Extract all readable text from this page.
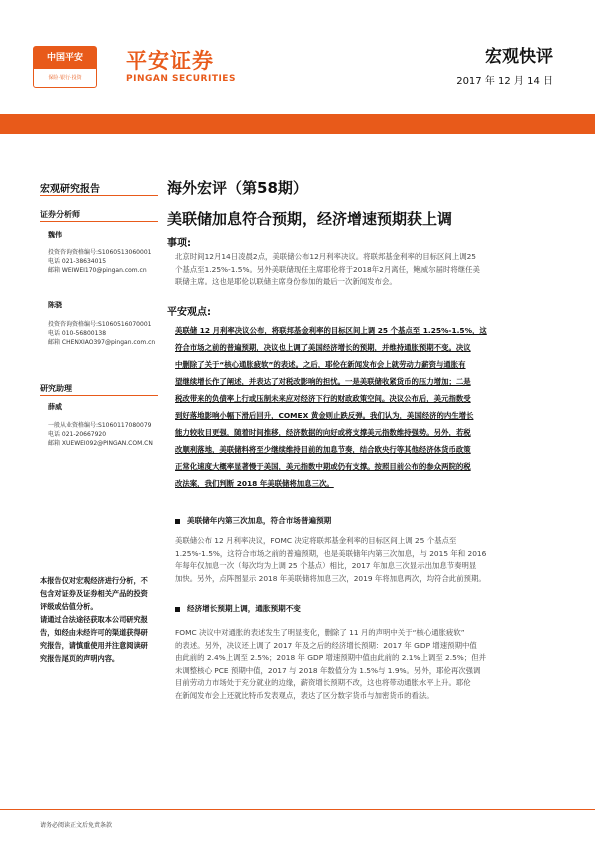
中国平安
保险·银行·投资
平安证券
PINGAN SECURITIES
宏观快评
2017 年 12 月 14 日
宏观研究报告
证券分析师
魏伟
投资咨询资格编号:S1060513060001
电话 021-38634015
邮箱 WEIWEI170@pingan.com.cn
陈骁
投资咨询资格编号:S1060516070001
电话 010-56800138
邮箱 CHENXIAO397@pingan.com.cn
研究助理
薛威
一般从业资格编号:S1060117080079
电话 021-20667920
邮箱 XUEWEI092@PINGAN.COM.CN
本报告仅对宏观经济进行分析，不
包含对证券及证券相关产品的投资
评级或估值分析。
请通过合法途径获取本公司研究报
告，如经由未经许可的渠道获得研
究报告，请慎重使用并注意阅读研
究报告尾页的声明内容。
海外宏评（第58期）
美联储加息符合预期，经济增速预期获上调
事项:
北京时间12月14日凌晨2点，美联储公布12月利率决议。将联邦基金利率的目标区间上调25
个基点至1.25%-1.5%。另外美联储现任主席耶伦将于2018年2月离任，鲍威尔届时将继任美
联储主席。这也是耶伦以联储主席身份参加的最后一次新闻发布会。
平安观点:
美联储 12 月利率决议公布，将联邦基金利率的目标区间上调 25 个基点至 1.25%-1.5%，这
符合市场之前的普遍预期，决议也上调了美国经济增长的预期，并维持通胀预期不变。决议
中删除了关于“核心通胀疲软”的表述。之后，耶伦在新闻发布会上就劳动力薪资与通胀有
望继续增长作了阐述，并表达了对税改影响的担忧。一是美联储收紧货币的压力增加；二是
税改带来的负债率上行或压制未来应对经济下行的财政政策空间。决议公布后，美元指数受
到好落地影响小幅下滑后回升，COMEX 黄金则止跌反弹。我们认为，美国经济的内生增长
能力较收目更强，随着时间推移，经济数据的向好或将支撑美元指数维持强势。另外，若税
改顺利落地，美联储料将至少继续维持目前的加息节奏，结合欧央行等其他经济体货币政策
正常化速度大概率显著慢于美国，美元指数中期或仍有支撑。按照目前公布的参众两院的税
改法案，我们判断 2018 年美联储将加息三次。
美联储年内第三次加息，符合市场普遍预期
美联储公布 12 月利率决议，FOMC 决定将联邦基金利率的目标区间上调 25 个基点至
1.25%-1.5%，这符合市场之前的普遍预期，也是美联储年内第三次加息，与 2015 年和 2016
年每年仅加息一次（每次均为上调 25 个基点）相比，2017 年加息三次显示出加息节奏明显
加快。另外，点阵图显示 2018 年美联储将加息三次，2019 年将加息两次，均符合此前预期。
经济增长预期上调，通胀预期不变
FOMC 决议中对通胀的表述发生了明显变化，删除了 11 月的声明中关于“核心通胀疲软”
的表述。另外，决议还上调了 2017 年及之后的经济增长预期：2017 年 GDP 增速预期中值
由此前的 2.4%上调至 2.5%；2018 年 GDP 增速预期中值由此前的 2.1%上调至 2.5%；但并
未调整核心 PCE 预期中值，2017 与 2018 年数值分为 1.5%与 1.9%。另外，耶伦再次强调
目前劳动力市场处于充分就业的边缘，薪资增长预期不改，这也将带动通胀水平上升。耶伦
在新闻发布会上还就比特币发表观点，表达了区分数字货币与加密货币的看法。
请务必阅读正文后免责条款
